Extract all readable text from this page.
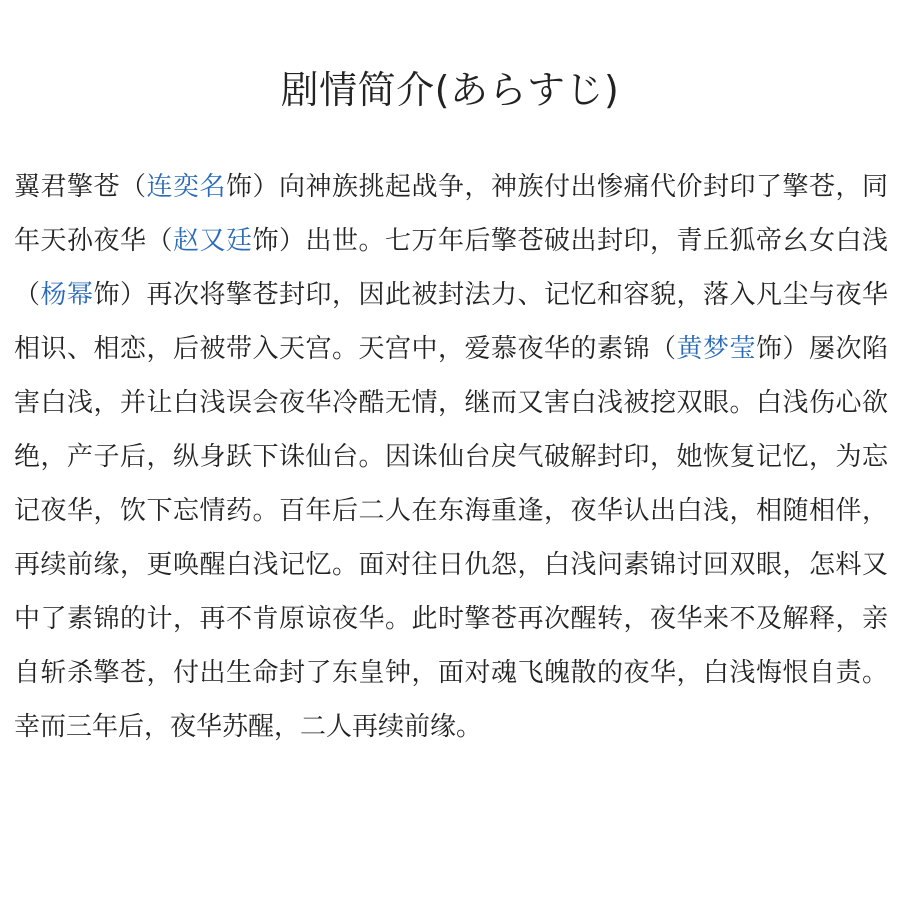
剧情简介(あらすじ)

翼君擎苍（连奕名饰）向神族挑起战争，神族付出惨痛代价封印了擎苍，同年天孙夜华（赵又廷饰）出世。七万年后擎苍破出封印，青丘狐帝幺女白浅（杨幂饰）再次将擎苍封印，因此被封法力、记忆和容貌，落入凡尘与夜华相识、相恋，后被带入天宫。天宫中，爱慕夜华的素锦（黄梦莹饰）屡次陷害白浅，并让白浅误会夜华冷酷无情，继而又害白浅被挖双眼。白浅伤心欲绝，产子后，纵身跃下诛仙台。因诛仙台戾气破解封印，她恢复记忆，为忘记夜华，饮下忘情药。百年后二人在东海重逢，夜华认出白浅，相随相伴，再续前缘，更唤醒白浅记忆。面对往日仇怨，白浅问素锦讨回双眼，怎料又中了素锦的计，再不肯原谅夜华。此时擎苍再次醒转，夜华来不及解释，亲自斩杀擎苍，付出生命封了东皇钟，面对魂飞魄散的夜华，白浅悔恨自责。幸而三年后，夜华苏醒，二人再续前缘。
